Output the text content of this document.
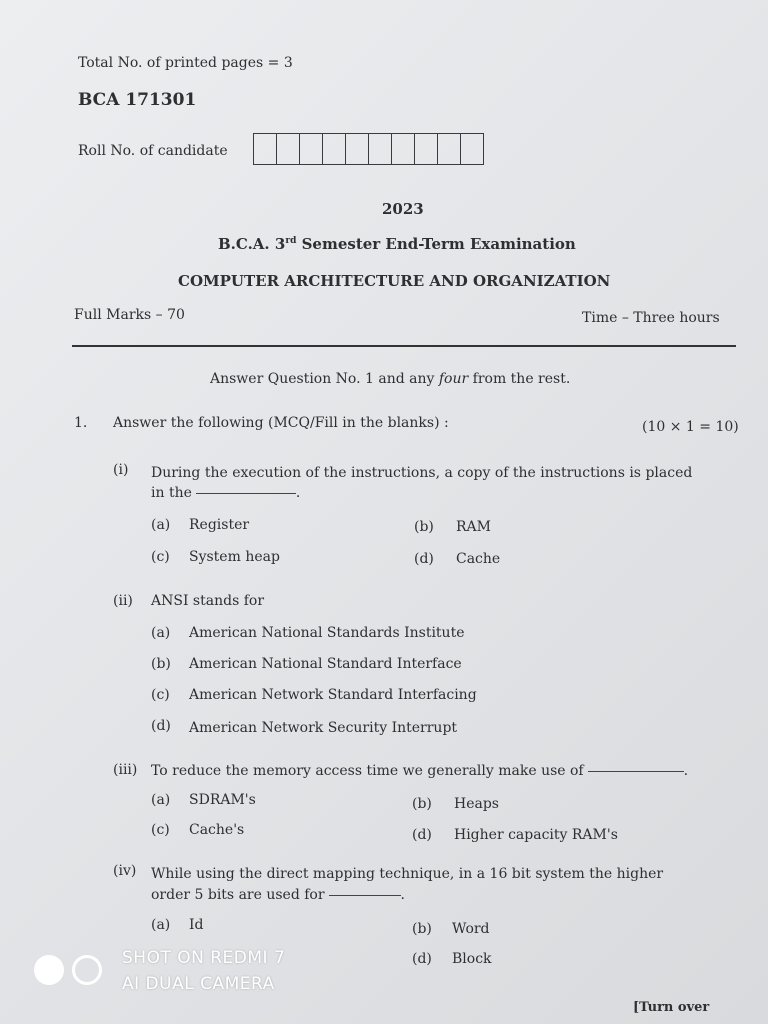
Total No. of printed pages = 3
BCA 171301
Roll No. of candidate
2023
B.C.A. 3rd Semester End-Term Examination
COMPUTER ARCHITECTURE AND ORGANIZATION
Full Marks – 70	Time – Three hours
Answer Question No. 1 and any four from the rest.
1. Answer the following (MCQ/Fill in the blanks) :	(10 × 1 = 10)
(i) During the execution of the instructions, a copy of the instructions is placed
in the	.
(a) Register	(b) RAM
(c) System heap	(d) Cache
(ii) ANSI stands for
(a) American National Standards Institute
(b) American National Standard Interface
(c) American Network Standard Interfacing
(d) American Network Security Interrupt
(iii) To reduce the memory access time we generally make use of	.
(a) SDRAM's	(b) Heaps
(c) Cache's	(d) Higher capacity RAM's
(iv) While using the direct mapping technique, in a 16 bit system the higher
order 5 bits are used for	.
(a) Id	(b) Word
(d) Block
[Turn over
SHOT ON REDMI 7
AI DUAL CAMERA
